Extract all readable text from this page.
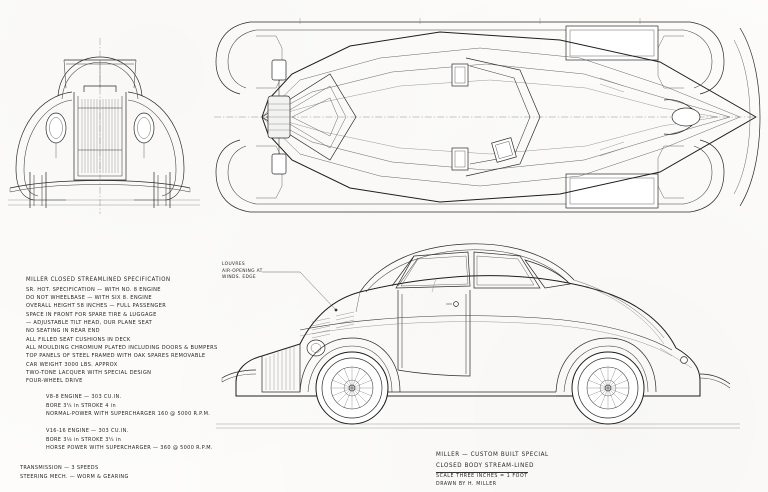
LOUVRES
AIR-OPENING AT
WINDS. EDGE
MILLER CLOSED STREAMLINED SPECIFICATION
SR. HOT. SPECIFICATION — WITH NO. 8 ENGINE
DO NOT WHEELBASE — WITH SIX 8. ENGINE
OVERALL HEIGHT 58 INCHES — FULL PASSENGER
SPACE IN FRONT FOR SPARE TIRE & LUGGAGE
— ADJUSTABLE TILT HEAD, OUR PLANE SEAT
NO SEATING IN REAR END
ALL FILLED SEAT CUSHIONS IN DECK
ALL MOULDING CHROMIUM PLATED INCLUDING DOORS & BUMPERS
TOP PANELS OF STEEL FRAMED WITH OAK SPARES REMOVABLE
CAR WEIGHT 3000 LBS. APPROX
TWO-TONE LACQUER WITH SPECIAL DESIGN
FOUR-WHEEL DRIVE
V8-8 ENGINE — 303 CU.IN.
BORE 3¼ in STROKE 4 in
NORMAL-POWER WITH SUPERCHARGER 160 @ 5000 R.P.M.
V16-16 ENGINE — 303 CU.IN.
BORE 3⅛ in STROKE 3¼ in
HORSE POWER WITH SUPERCHARGER — 360 @ 5000 R.P.M.
TRANSMISSION — 3 SPEEDS
STEERING MECH. — WORM & GEARING
MILLER — CUSTOM BUILT SPECIAL
CLOSED BODY STREAM-LINED
SCALE THREE INCHES = 1 FOOT
DRAWN BY H. MILLER
